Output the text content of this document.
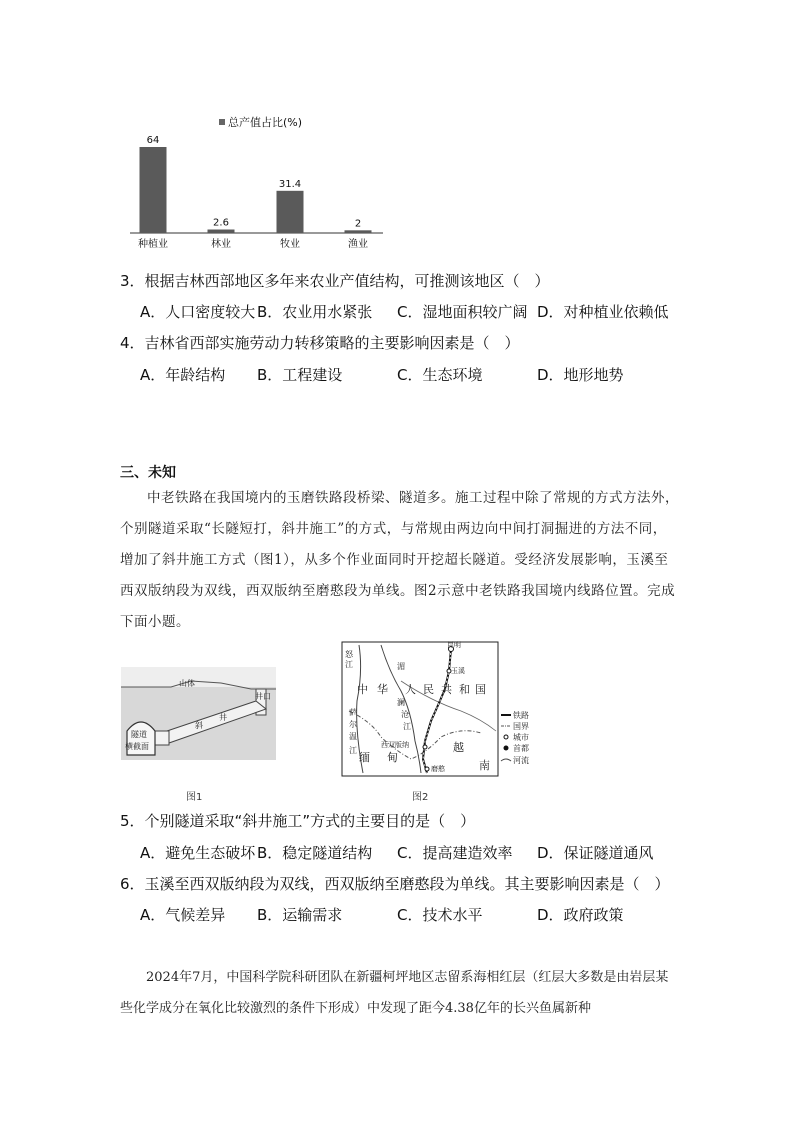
总产值占比(%)
64
种植业
2.6
林业
31.4
牧业
2
渔业
3．根据吉林西部地区多年来农业产值结构，可推测该地区（　）
A．人口密度较大 B．农业用水紧张 C．湿地面积较广阔 D．对种植业依赖低
4．吉林省西部实施劳动力转移策略的主要影响因素是（　）
A．年龄结构 B．工程建设	C．生态环境	D．地形地势
三、未知
中老铁路在我国境内的玉磨铁路段桥梁、隧道多。施工过程中除了常规的方式方法外，个别隧道采取“长隧短打，斜井施工”的方式，与常规由两边向中间打洞掘进的方法不同，增加了斜井施工方式（图1），从多个作业面同时开挖超长隧道。受经济发展影响，玉溪至西双版纳段为双线，西双版纳至磨憨段为单线。图2示意中老铁路我国境内线路位置。完成下面小题。
山体
井口
井
斜
隧道
横截面
图1
昆明
玉溪
西双版纳
磨憨
中 华 人 民 共 和 国
缅 甸
越
南
怒
江	湄
澜
沧
江
萨
尔
温
江
铁路
国界
城市
首都
河流
图2
5．个别隧道采取“斜井施工”方式的主要目的是（　）
A．避免生态破坏 B．稳定隧道结构 C．提高建造效率 D．保证隧道通风
6．玉溪至西双版纳段为双线，西双版纳至磨憨段为单线。其主要影响因素是（　）
A．气候差异 B．运输需求	C．技术水平	D．政府政策
2024年7月，中国科学院科研团队在新疆柯坪地区志留系海相红层（红层大多数是由岩层某些化学成分在氧化比较激烈的条件下形成）中发现了距今4.38亿年的长兴鱼属新种
